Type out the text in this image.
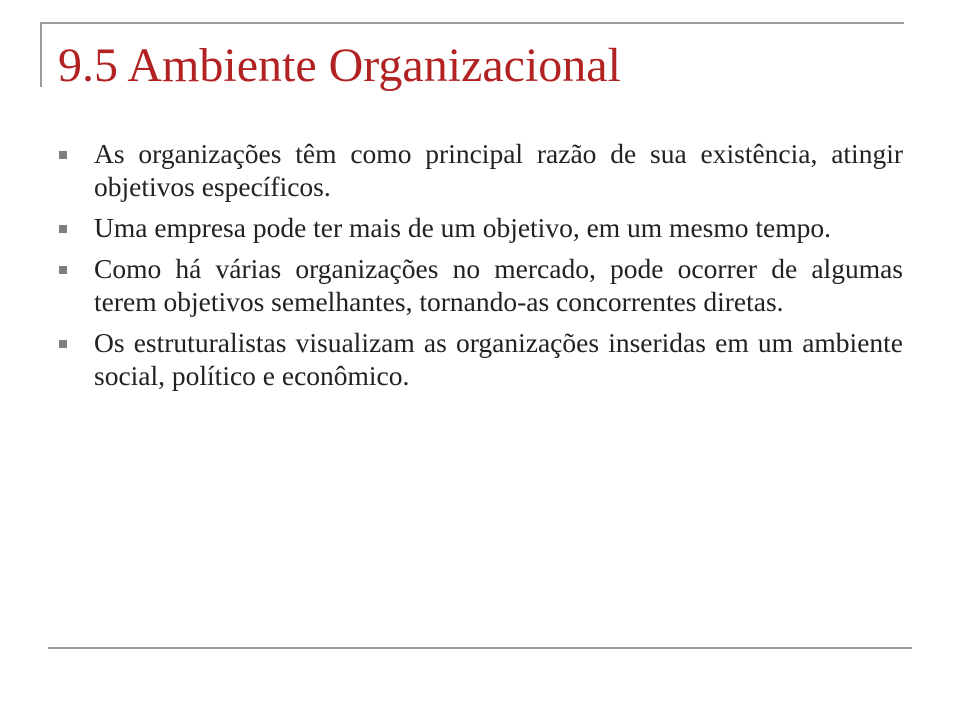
9.5 Ambiente Organizacional
As organizações têm como principal razão de sua existência, atingir objetivos específicos.
Uma empresa pode ter mais de um objetivo, em um mesmo tempo.
Como há várias organizações no mercado, pode ocorrer de algumas terem objetivos semelhantes, tornando-as concorrentes diretas.
Os estruturalistas visualizam as organizações inseridas em um ambiente social, político e econômico.
